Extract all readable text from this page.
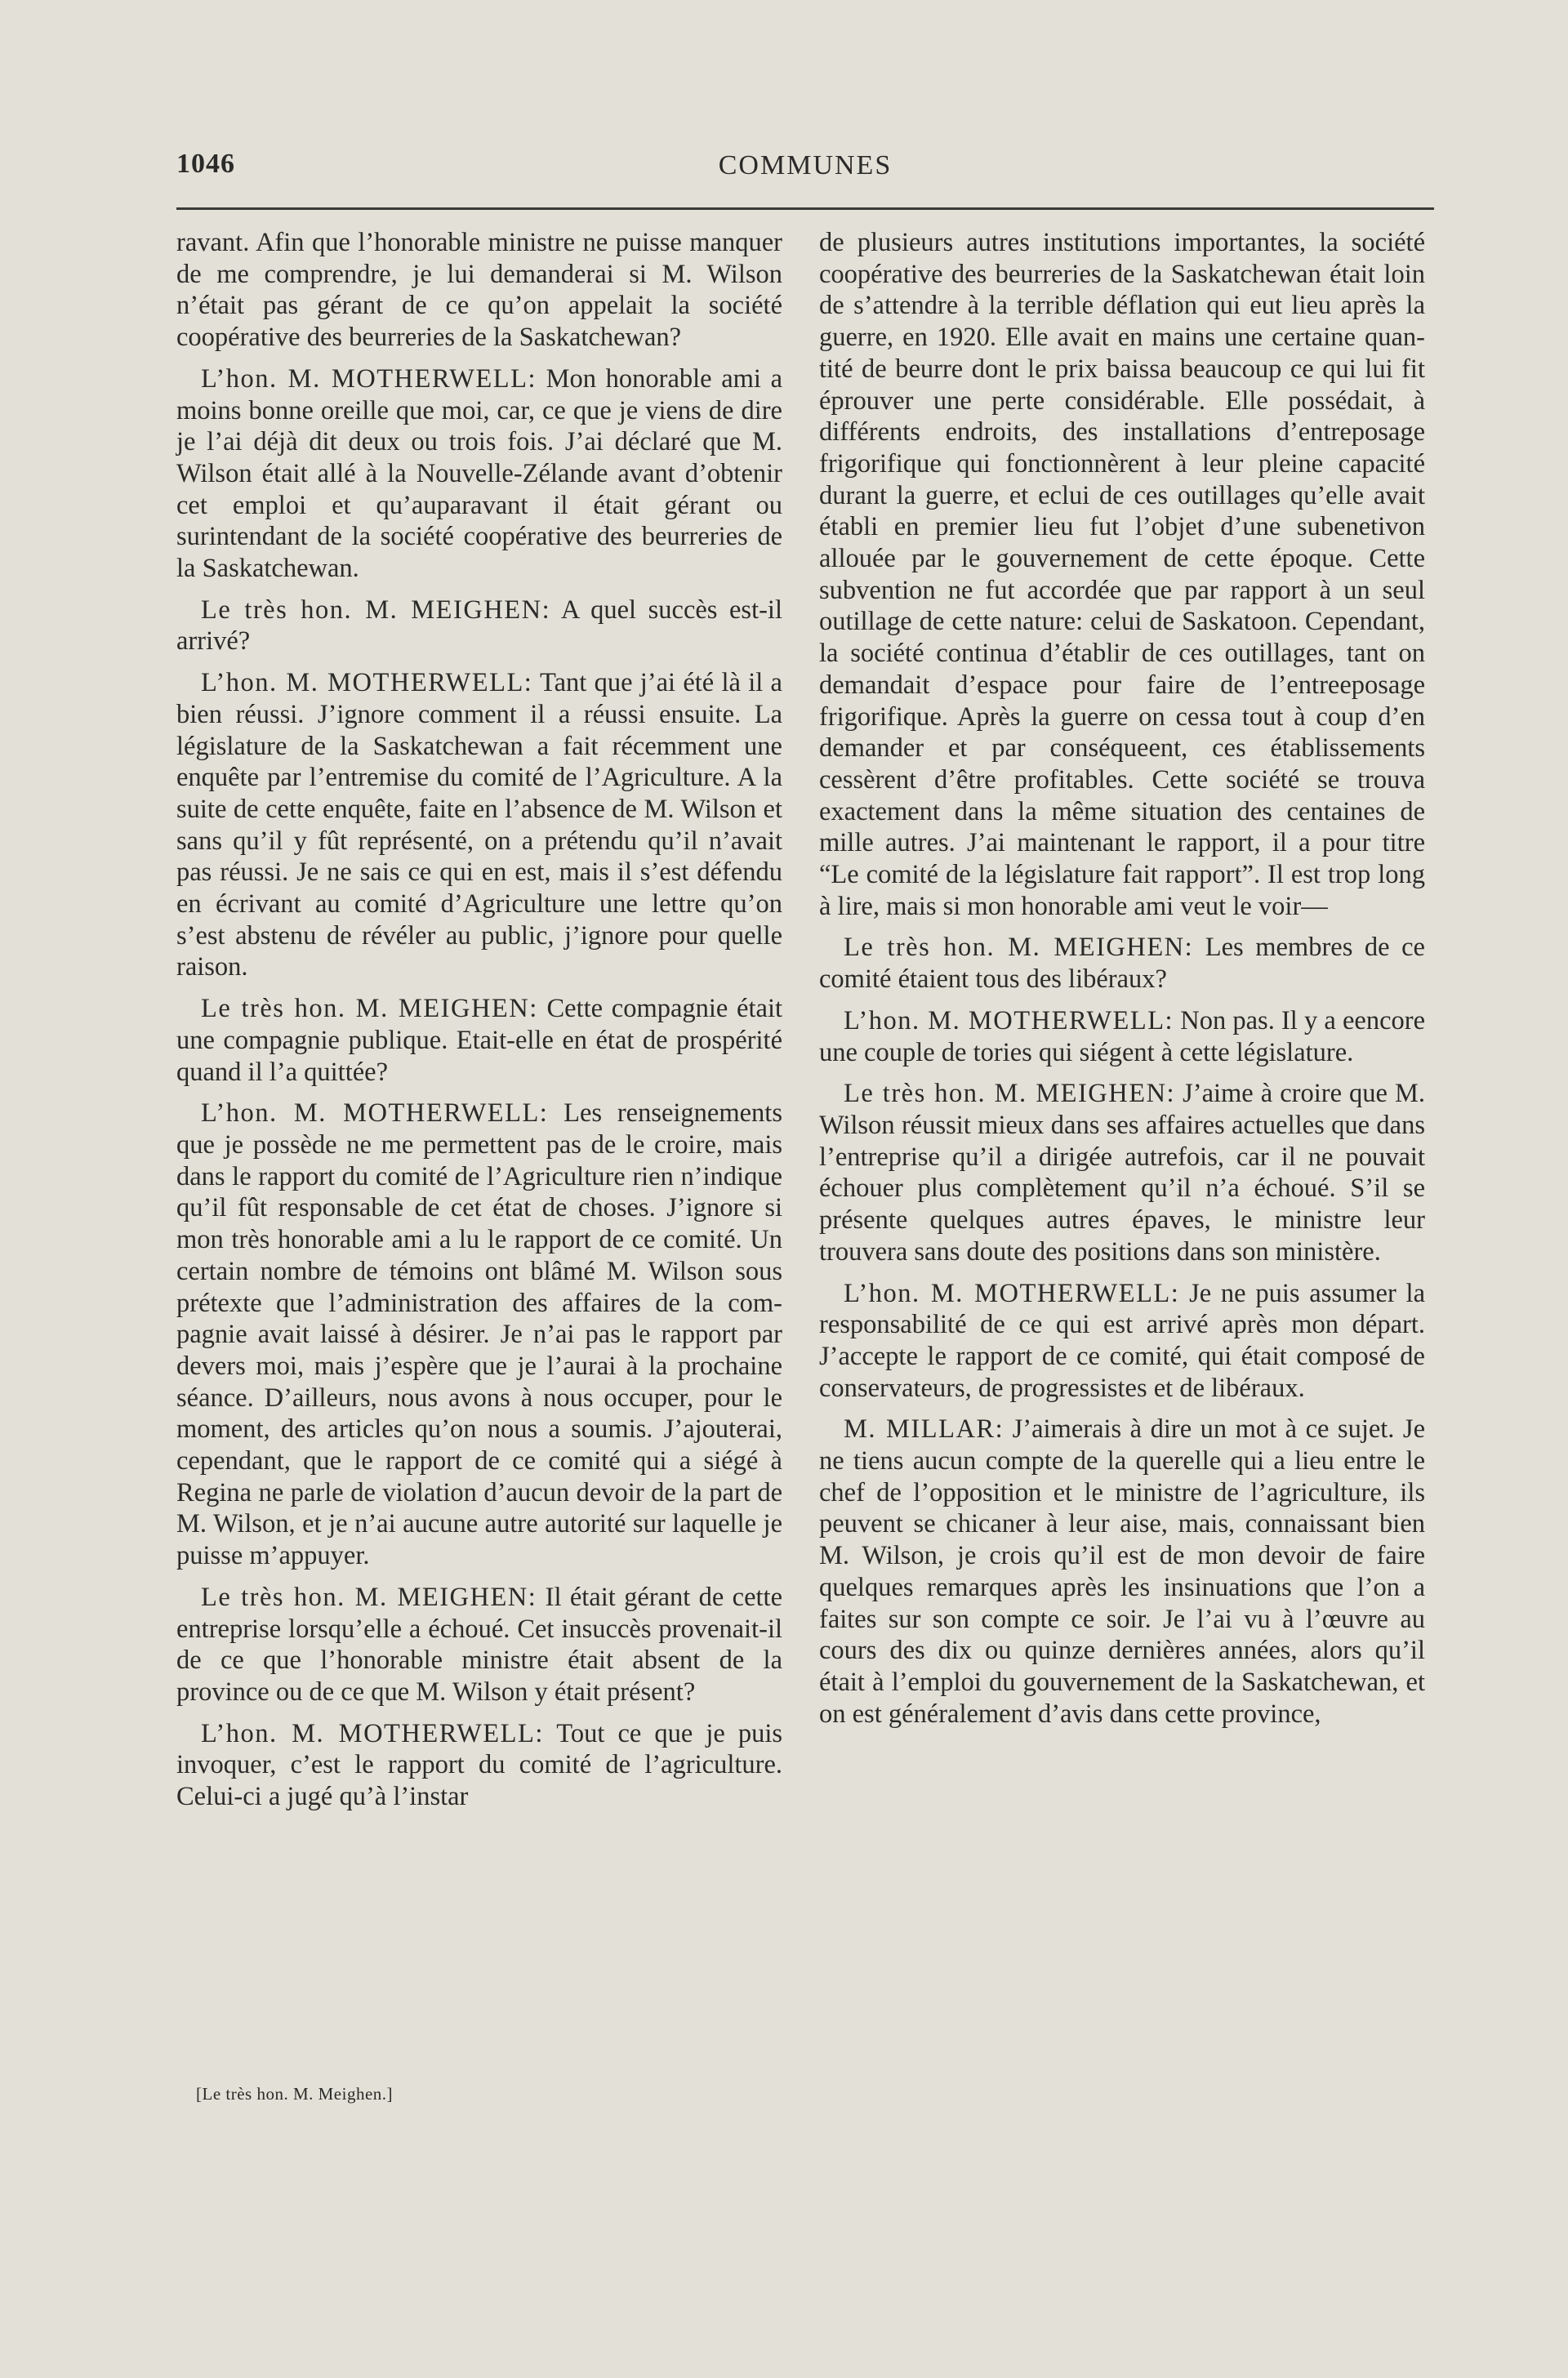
1046	COMMUNES

ravant. Afin que l’honorable ministre ne puisse manquer de me comprendre, je lui demanderai si M. Wilson n’était pas gérant de ce qu’on appelait la société coopérative des beurreries de la Saskatchewan?

L’hon. M. MOTHERWELL: Mon honorable ami a moins bonne oreille que moi, car, ce que je viens de dire je l’ai déjà dit deux ou trois fois. J’ai déclaré que M. Wilson était allé à la Nouvelle-Zélande avant d’obtenir cet emploi et qu’auparavant il était gérant ou surintendant de la société coopérative des beurreries de la Saskatchewan.

Le très hon. M. MEIGHEN: A quel succès est-il arrivé?

L’hon. M. MOTHERWELL: Tant que j’ai été là il a bien réussi. J’ignore comment il a réussi ensuite. La législature de la Saskatchewan a fait récemment une enquête par l’entremise du comité de l’Agriculture. A la suite de cette enquête, faite en l’absence de M. Wilson et sans qu’il y fût représenté, on a prétendu qu’il n’avait pas réussi. Je ne sais ce qui en est, mais il s’est défendu en écrivant au comité d’Agriculture une lettre qu’on s’est abstenu de révéler au public, j’ignore pour quelle raison.

Le très hon. M. MEIGHEN: Cette compagnie était une compagnie publique. Etait-elle en état de prospérité quand il l’a quittée?

L’hon. M. MOTHERWELL: Les renseignements que je possède ne me permettent pas de le croire, mais dans le rapport du comité de l’Agriculture rien n’indique qu’il fût responsable de cet état de choses. J’ignore si mon très honorable ami a lu le rapport de ce comité. Un certain nombre de témoins ont blâmé M. Wilson sous prétexte que l’administration des affaires de la compagnie avait laissé à désirer. Je n’ai pas le rapport par devers moi, mais j’espère que je l’aurai à la prochaine séance. D’ailleurs, nous avons à nous occuper, pour le moment, des articles qu’on nous a soumis. J’ajouterai, cependant, que le rapport de ce comité qui a siégé à Regina ne parle de violation d’aucun devoir de la part de M. Wilson, et je n’ai aucune autre autorité sur laquelle je puisse m’appuyer.

Le très hon. M. MEIGHEN: Il était gérant de cette entreprise lorsqu’elle a échoué. Cet insuccès provenait-il de ce que l’honorable ministre était absent de la province ou de ce que M. Wilson y était présent?

L’hon. M. MOTHERWELL: Tout ce que je puis invoquer, c’est le rapport du comité de l’agriculture. Celui-ci a jugé qu’à l’instar

de plusieurs autres institutions importantes, la société coopérative des beurreries de la Saskatchewan était loin de s’attendre à la terrible déflation qui eut lieu après la guerre, en 1920. Elle avait en mains une certaine quantité de beurre dont le prix baissa beaucoup ce qui lui fit éprouver une perte considérable. Elle possédait, à différents endroits, des installations d’entreposage frigorifique qui fonctionnèrent à leur pleine capacité durant la guerre, et eclui de ces outillages qu’elle avait établi en premier lieu fut l’objet d’une subenetivon allouée par le gouvernement de cette époque. Cette subvention ne fut accordée que par rapport à un seul outillage de cette nature: celui de Saskatoon. Cependant, la société continua d’établir de ces outillages, tant on demandait d’espace pour faire de l’entreeposage frigorifique. Après la guerre on cessa tout à coup d’en demander et par conséqueent, ces établissements cessèrent d’être profitables. Cette société se trouva exactement dans la même situation des centaines de mille autres. J’ai maintenant le rapport, il a pour titre “Le comité de la législature fait rapport”. Il est trop long à lire, mais si mon honorable ami veut le voir—

Le très hon. M. MEIGHEN: Les membres de ce comité étaient tous des libéraux?

L’hon. M. MOTHERWELL: Non pas. Il y a eencore une couple de tories qui siégent à cette législature.

Le très hon. M. MEIGHEN: J’aime à croire que M. Wilson réussit mieux dans ses affaires actuelles que dans l’entreprise qu’il a dirigée autrefois, car il ne pouvait échouer plus complètement qu’il n’a échoué. S’il se présente quelques autres épaves, le ministre leur trouvera sans doute des positions dans son ministère.

L’hon. M. MOTHERWELL: Je ne puis assumer la responsabilité de ce qui est arrivé après mon départ. J’accepte le rapport de ce comité, qui était composé de conservateurs, de progressistes et de libéraux.

M. MILLAR: J’aimerais à dire un mot à ce sujet. Je ne tiens aucun compte de la querelle qui a lieu entre le chef de l’opposition et le ministre de l’agriculture, ils peuvent se chicaner à leur aise, mais, connaissant bien M. Wilson, je crois qu’il est de mon devoir de faire quelques remarques après les insinuations que l’on a faites sur son compte ce soir. Je l’ai vu à l’œuvre au cours des dix ou quinze dernières années, alors qu’il était à l’emploi du gouvernement de la Saskatchewan, et on est généralement d’avis dans cette province,

[Le très hon. M. Meighen.]
